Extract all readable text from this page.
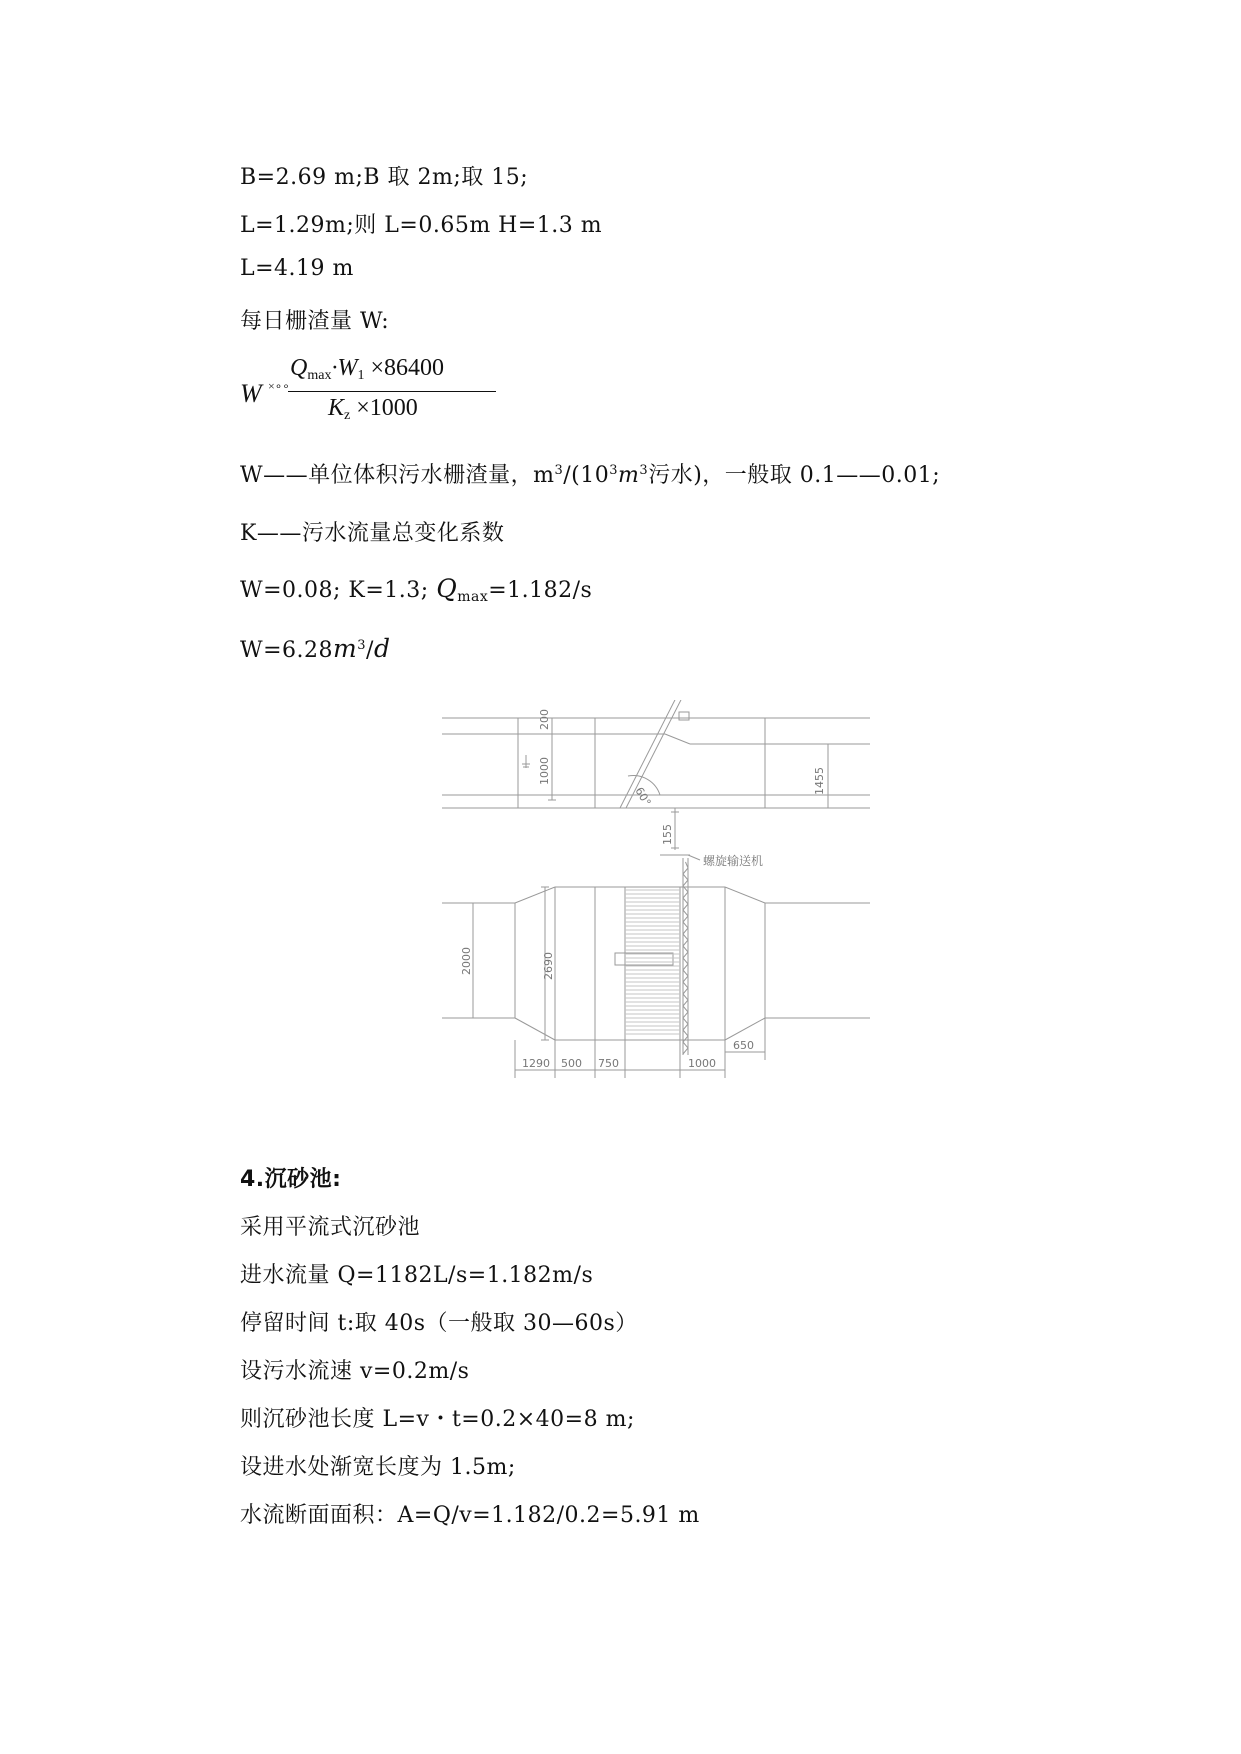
B=2.69 m;B 取 2m;取 15;
L=1.29m;则 L=0.65m H=1.3 m
L=4.19 m
每日栅渣量 W:
W ×∘∘
$Q_{max}\cdot W_1 \times 86400$
$K_z \times 1000$
W——单位体积污水栅渣量，$m^3/(10^3m^3$污水)，一般取 0.1——0.01;
K——污水流量总变化系数
W=0.08; K=1.3; $Q_{max}=1.182/s$
$W=6.28m^3/d$
200
1000	1455
60°
155
螺旋输送机
2000	2690
650
1290 500 750	1000
4.沉砂池:
采用平流式沉砂池
进水流量 Q=1182L/s=1.182m/s
停留时间 t:取 40s（一般取 30—60s）
设污水流速 v=0.2m/s
则沉砂池长度 L=v・t=0.2×40=8 m;
设进水处渐宽长度为 1.5m;
水流断面面积：A=Q/v=1.182/0.2=5.91 m
